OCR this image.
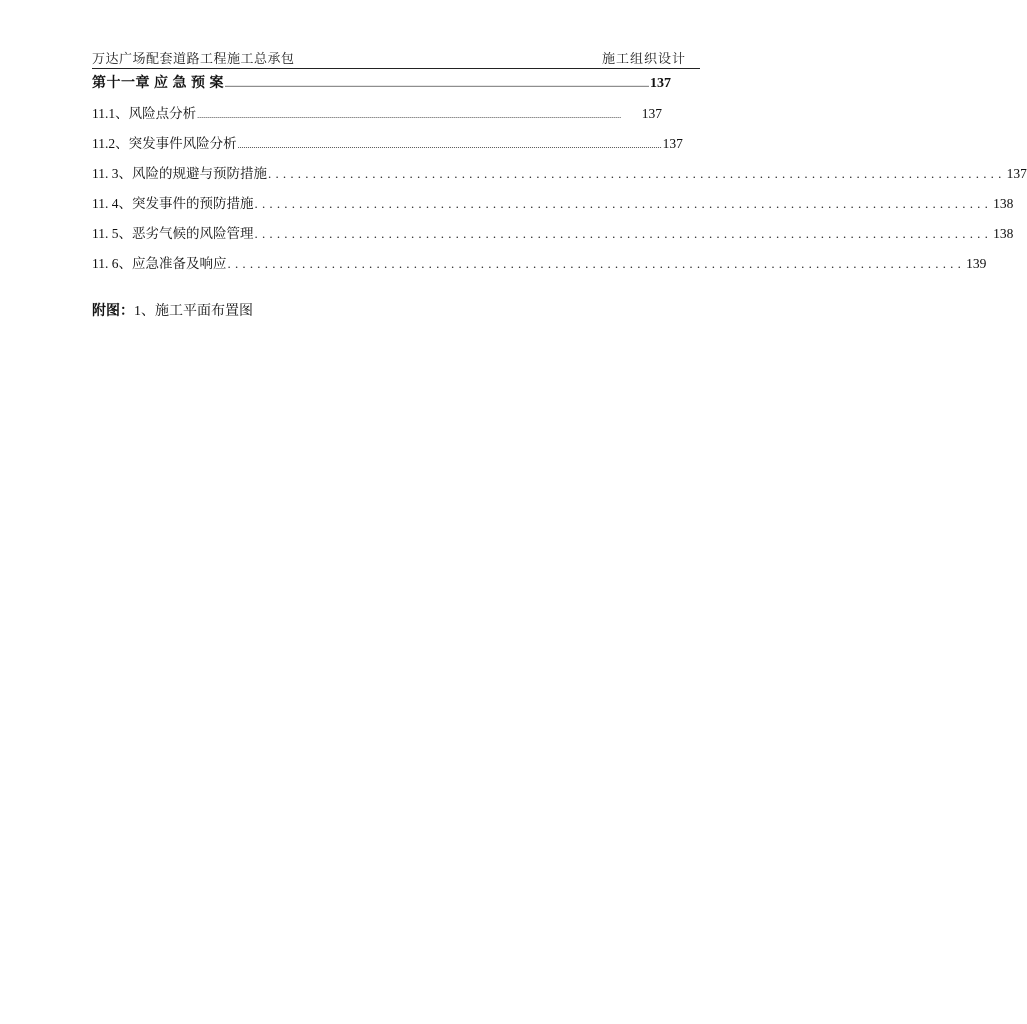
万达广场配套道路工程施工总承包	施工组织设计
第十一章 应 急 预 案 .................................................................................................................................................................................................................... 137
11.1、风险点分析 ....................................................................................................................................................................................................................	137
11.2、突发事件风险分析 .................................................................................................................................................................................................................... 137
11. 3、风险的规避与预防措施 ................................................................................................... 137
11. 4、突发事件的预防措施 ................................................................................................... 138
11. 5、恶劣气候的风险管理 ................................................................................................... 138
11. 6、应急准备及响应 ................................................................................................... 139
附图：1、施工平面布置图
